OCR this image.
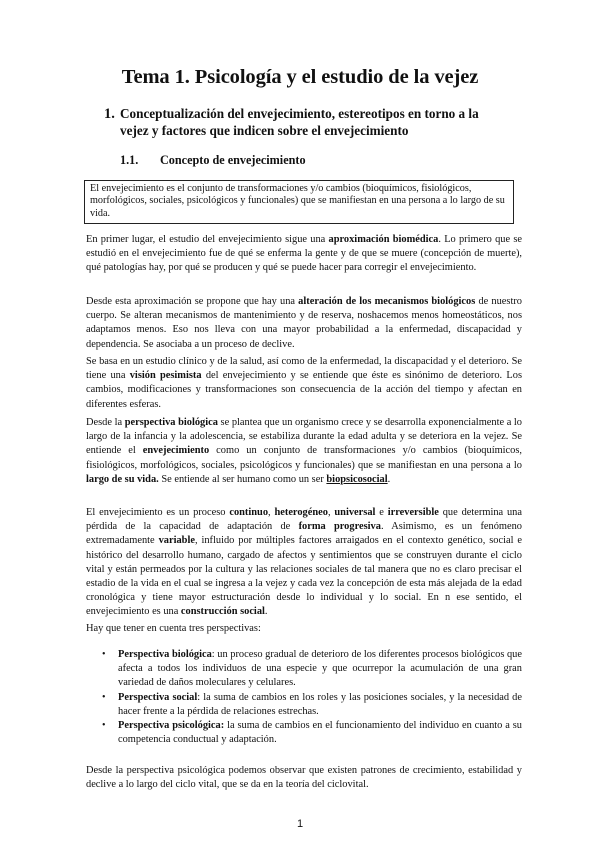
Tema 1. Psicología y el estudio de la vejez
1. Conceptualización del envejecimiento, estereotipos en torno a la vejez y factores que indicen sobre el envejecimiento
1.1. Concepto de envejecimiento
El envejecimiento es el conjunto de transformaciones y/o cambios (bioquímicos, fisiológicos, morfológicos, sociales, psicológicos y funcionales) que se manifiestan en una persona a lo largo de su vida.

En primer lugar, el estudio del envejecimiento sigue una aproximación biomédica. Lo primero que se estudió en el envejecimiento fue de qué se enferma la gente y de que se muere (concepción de muerte), qué patologías hay, por qué se producen y qué se puede hacer para corregir el envejecimiento.

Desde esta aproximación se propone que hay una alteración de los mecanismos biológicos de nuestro cuerpo. Se alteran mecanismos de mantenimiento y de reserva, noshacemos menos homeostáticos, nos adaptamos menos. Eso nos lleva con una mayor probabilidad a la enfermedad, discapacidad y dependencia. Se asociaba a un proceso de declive.

Se basa en un estudio clínico y de la salud, así como de la enfermedad, la discapacidad y el deterioro. Se tiene una visión pesimista del envejecimiento y se entiende que éste es sinónimo de deterioro. Los cambios, modificaciones y transformaciones son consecuencia de la acción del tiempo y afectan en diferentes esferas.

Desde la perspectiva biológica se plantea que un organismo crece y se desarrolla exponencialmente a lo largo de la infancia y la adolescencia, se estabiliza durante la edad adulta y se deteriora en la vejez. Se entiende el envejecimiento como un conjunto de transformaciones y/o cambios (bioquímicos, fisiológicos, morfológicos, sociales, psicológicos y funcionales) que se manifiestan en una persona a lo largo de su vida. Se entiende al ser humano como un ser biopsicosocial.

El envejecimiento es un proceso continuo, heterogéneo, universal e irreversible que determina una pérdida de la capacidad de adaptación de forma progresiva. Asimismo, es un fenómeno extremadamente variable, influido por múltiples factores arraigados en el contexto genético, social e histórico del desarrollo humano, cargado de afectos y sentimientos que se construyen durante el ciclo vital y están permeados por la cultura y las relaciones sociales de tal manera que no es claro precisar el estadio de la vida en el cual se ingresa a la vejez y cada vez la concepción de esta más alejada de la edad cronológica y tiene mayor estructuración desde lo individual y lo social. En n ese sentido, el envejecimiento es una construcción social.

Hay que tener en cuenta tres perspectivas:

• Perspectiva biológica: un proceso gradual de deterioro de los diferentes procesos biológicos que afecta a todos los individuos de una especie y que ocurrepor la acumulación de una gran variedad de daños moleculares y celulares.
• Perspectiva social: la suma de cambios en los roles y las posiciones sociales, y la necesidad de hacer frente a la pérdida de relaciones estrechas.
• Perspectiva psicológica: la suma de cambios en el funcionamiento del individuo en cuanto a su competencia conductual y adaptación.

Desde la perspectiva psicológica podemos observar que existen patrones de crecimiento, estabilidad y declive a lo largo del ciclo vital, que se da en la teoría del ciclovital.

1
